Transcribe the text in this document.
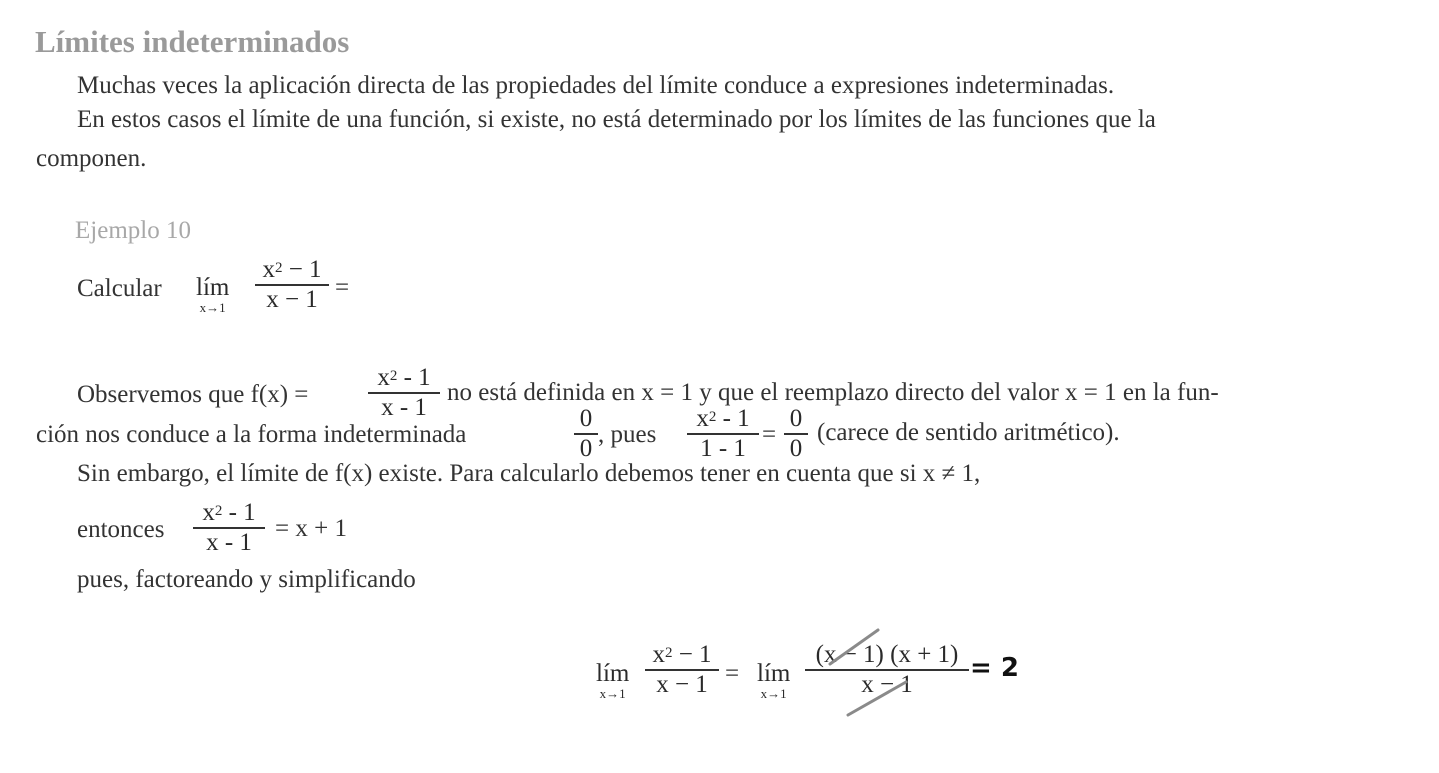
Límites indeterminados
Muchas veces la aplicación directa de las propiedades del límite conduce a expresiones indeterminadas.
En estos casos el límite de una función, si existe, no está determinado por los límites de las funciones que la
componen.
Ejemplo 10
Calcular lím
x→1
$x^2 - 1$
x − 1 =
Observemos que f(x) =
$x^2 - 1$
x - 1
no está definida en x = 1 y que el reemplazo directo del valor x = 1 en la fun-
ción nos conduce a la forma indeterminada
0
0 , pues
$x^2 - 1$
1 - 1 =
0
0
(carece de sentido aritmético).
Sin embargo, el límite de f(x) existe. Para calcularlo debemos tener en cuenta que si x ≠ 1,
entonces
$x^2 - 1$
x - 1 = x + 1
pues, factoreando y simplificando
lím
x→1
$x^2 - 1$
x − 1 = lím
x→1
(x − 1) (x + 1)
x − 1
= 2
